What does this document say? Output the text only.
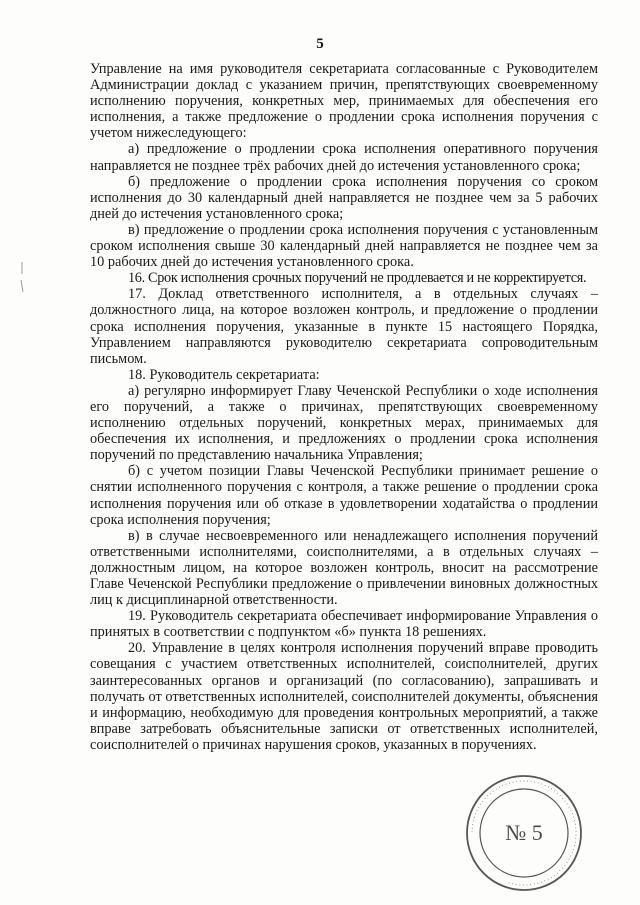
5

Управление на имя руководителя секретариата согласованные с Руководителем Администрации доклад с указанием причин, препятствующих своевременному исполнению поручения, конкретных мер, принимаемых для обеспечения его исполнения, а также предложение о продлении срока исполнения поручения с учетом нижеследующего:

а) предложение о продлении срока исполнения оперативного поручения направляется не позднее трёх рабочих дней до истечения установленного срока;

б) предложение о продлении срока исполнения поручения со сроком исполнения до 30 календарный дней направляется не позднее чем за 5 рабочих дней до истечения установленного срока;

в) предложение о продлении срока исполнения поручения с установленным сроком исполнения свыше 30 календарный дней направляется не позднее чем за 10 рабочих дней до истечения установленного срока.

16. Срок исполнения срочных поручений не продлевается и не корректируется.

17. Доклад ответственного исполнителя, а в отдельных случаях – должностного лица, на которое возложен контроль, и предложение о продлении срока исполнения поручения, указанные в пункте 15 настоящего Порядка, Управлением направляются руководителю секретариата сопроводительным письмом.

18. Руководитель секретариата:

а) регулярно информирует Главу Чеченской Республики о ходе исполнения его поручений, а также о причинах, препятствующих своевременному исполнению отдельных поручений, конкретных мерах, принимаемых для обеспечения их исполнения, и предложениях о продлении срока исполнения поручений по представлению начальника Управления;

б) с учетом позиции Главы Чеченской Республики принимает решение о снятии исполненного поручения с контроля, а также решение о продлении срока исполнения поручения или об отказе в удовлетворении ходатайства о продлении срока исполнения поручения;

в) в случае несвоевременного или ненадлежащего исполнения поручений ответственными исполнителями, соисполнителями, а в отдельных случаях – должностным лицом, на которое возложен контроль, вносит на рассмотрение Главе Чеченской Республики предложение о привлечении виновных должностных лиц к дисциплинарной ответственности.

19. Руководитель секретариата обеспечивает информирование Управления о принятых в соответствии с подпунктом «б» пункта 18 решениях.

20. Управление в целях контроля исполнения поручений вправе проводить совещания с участием ответственных исполнителей, соисполнителей, других заинтересованных органов и организаций (по согласованию), запрашивать и получать от ответственных исполнителей, соисполнителей документы, объяснения и информацию, необходимую для проведения контрольных мероприятий, а также вправе затребовать объяснительные записки от ответственных исполнителей, соисполнителей о причинах нарушения сроков, указанных в поручениях.

········································································
№ 5
